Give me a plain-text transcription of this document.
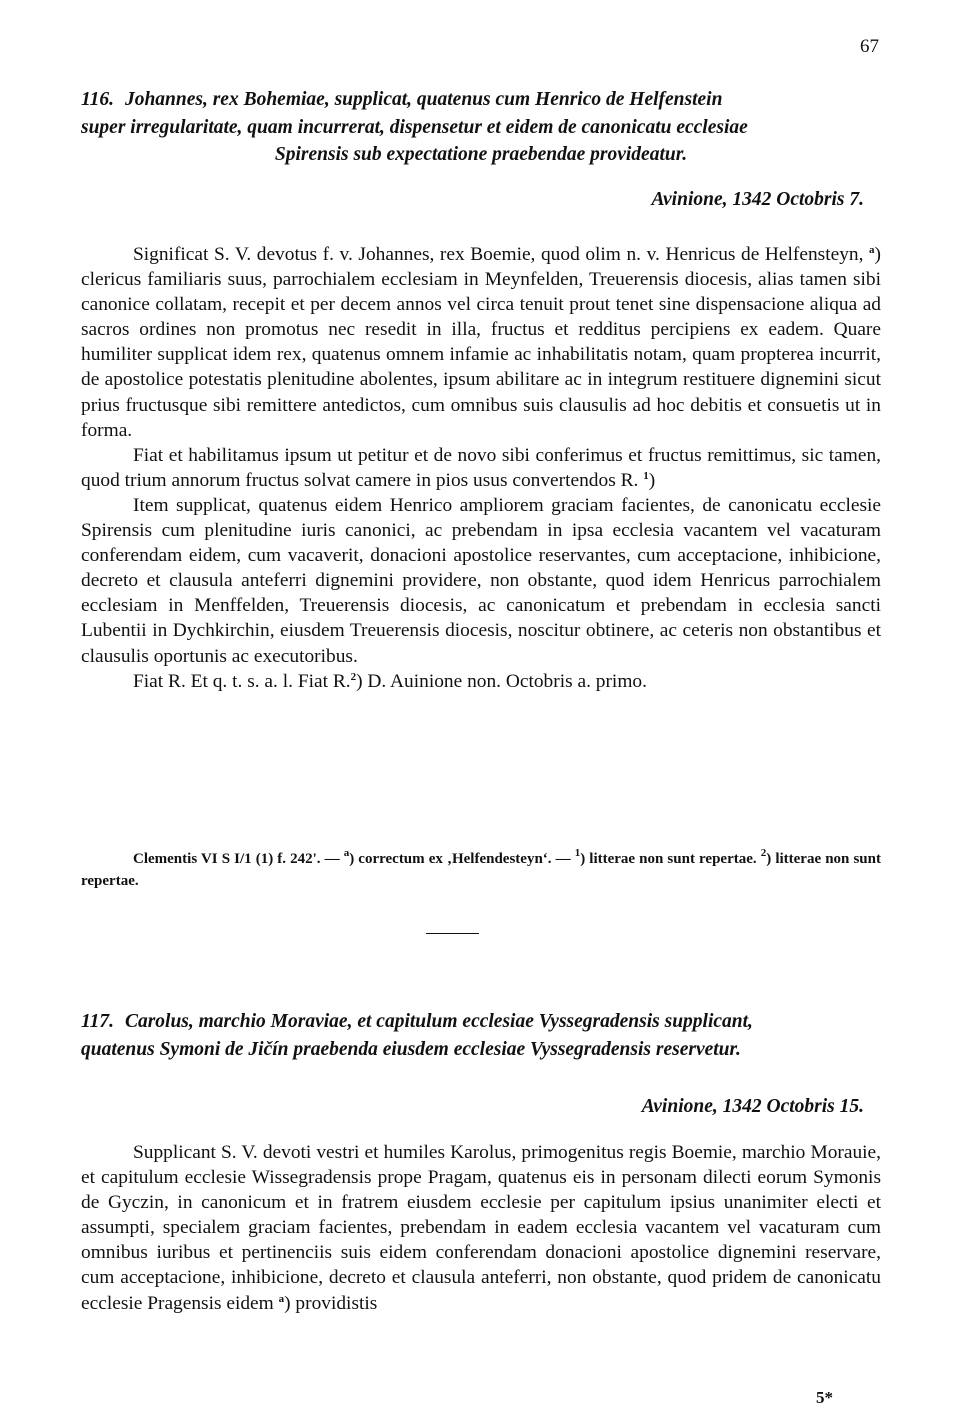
67

116. Johannes, rex Bohemiae, supplicat, quatenus cum Henrico de Helfenstein
super irregularitate, quam incurrerat, dispensetur et eidem de canonicatu ecclesiae

Spirensis sub expectatione praebendae provideatur.

Avinione, 1342 Octobris 7.

Significat S. V. devotus f. v. Johannes, rex Boemie, quod olim n. v. Henricus de Helfensteyn, $^a$) clericus familiaris suus, parrochialem ecclesiam in Meynfelden, Treuerensis diocesis, alias tamen sibi canonice collatam, recepit et per decem annos vel circa tenuit prout tenet sine dispensacione aliqua ad sacros ordines non promotus nec resedit in illa, fructus et redditus percipiens ex eadem. Quare humiliter supplicat idem rex, quatenus omnem infamie ac inhabilitatis notam, quam propterea incurrit, de apostolice potestatis plenitudine abolentes, ipsum abilitare ac in integrum restituere dignemini sicut prius fructusque sibi remittere antedictos, cum omnibus suis clausulis ad hoc debitis et consuetis ut in forma.

Fiat et habilitamus ipsum ut petitur et de novo sibi conferimus et fructus remittimus, sic tamen, quod trium annorum fructus solvat camere in pios usus convertendos R. $^1$)

Item supplicat, quatenus eidem Henrico ampliorem graciam facientes, de canonicatu ecclesie Spirensis cum plenitudine iuris canonici, ac prebendam in ipsa ecclesia vacantem vel vacaturam conferendam eidem, cum vacaverit, donacioni apostolice reservantes, cum acceptacione, inhibicione, decreto et clausula anteferri dignemini providere, non obstante, quod idem Henricus parrochialem ecclesiam in Menffelden, Treuerensis diocesis, ac canonicatum et prebendam in ecclesia sancti Lubentii in Dychkirchin, eiusdem Treuerensis diocesis, noscitur obtinere, ac ceteris non obstantibus et clausulis oportunis ac executoribus.

Fiat R. Et q. t. s. a. l. Fiat R.$^2$) D. Auinione non. Octobris a. primo.

Clementis VI S I/1 (1) f. 242'. — $^a$) correctum ex ‚Helfendesteyn‘. — $^1$) litterae non sunt repertae. $^2$) litterae non sunt repertae.

117. Carolus, marchio Moraviae, et capitulum ecclesiae Vyssegradensis supplicant,
quatenus Symoni de Jičín praebenda eiusdem ecclesiae Vyssegradensis reservetur.

Avinione, 1342 Octobris 15.

Supplicant S. V. devoti vestri et humiles Karolus, primogenitus regis Boemie, marchio Morauie, et capitulum ecclesie Wissegradensis prope Pragam, quatenus eis in personam dilecti eorum Symonis de Gyczin, in canonicum et in fratrem eiusdem ecclesie per capitulum ipsius unanimiter electi et assumpti, specialem graciam facientes, prebendam in eadem ecclesia vacantem vel vacaturam cum omnibus iuribus et pertinenciis suis eidem conferendam donacioni apostolice dignemini reservare, cum acceptacione, inhibicione, decreto et clausula anteferri, non obstante, quod pridem de canonicatu ecclesie Pragensis eidem $^a$) providistis

5*
